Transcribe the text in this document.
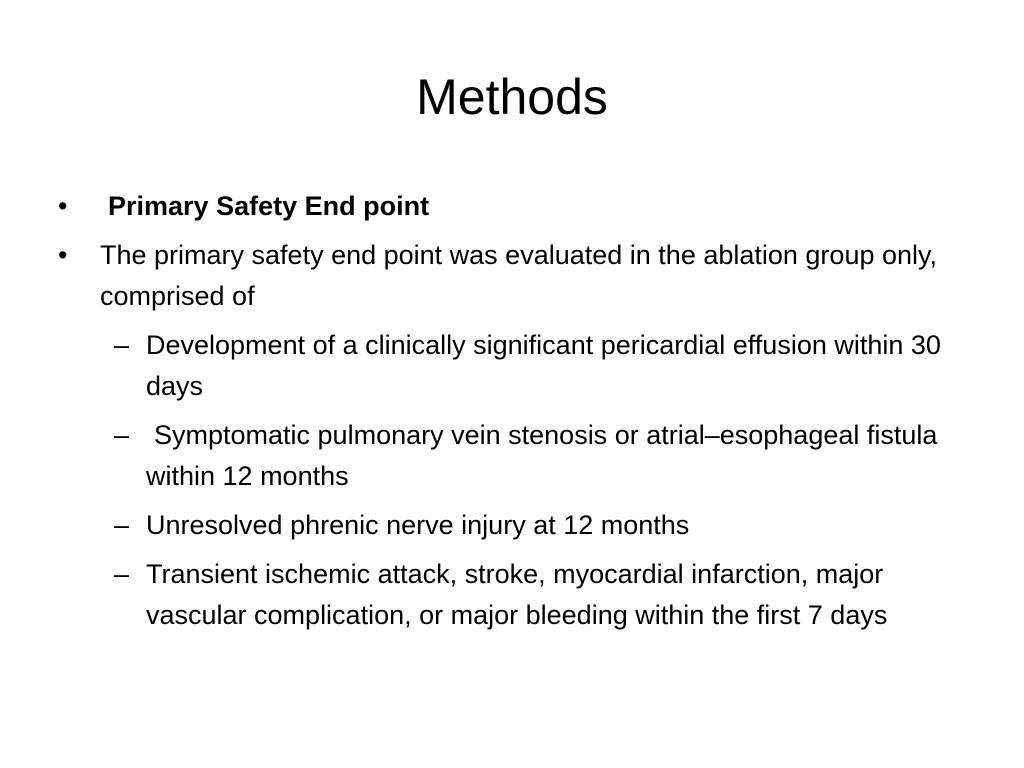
Methods
•	Primary Safety End point
•	The primary safety end point was evaluated in the ablation group only, comprised of
– Development of a clinically significant pericardial effusion within 30 days
– Symptomatic pulmonary vein stenosis or atrial–esophageal fistula within 12 months
– Unresolved phrenic nerve injury at 12 months
– Transient ischemic attack, stroke, myocardial infarction, major vascular complication, or major bleeding within the first 7 days
